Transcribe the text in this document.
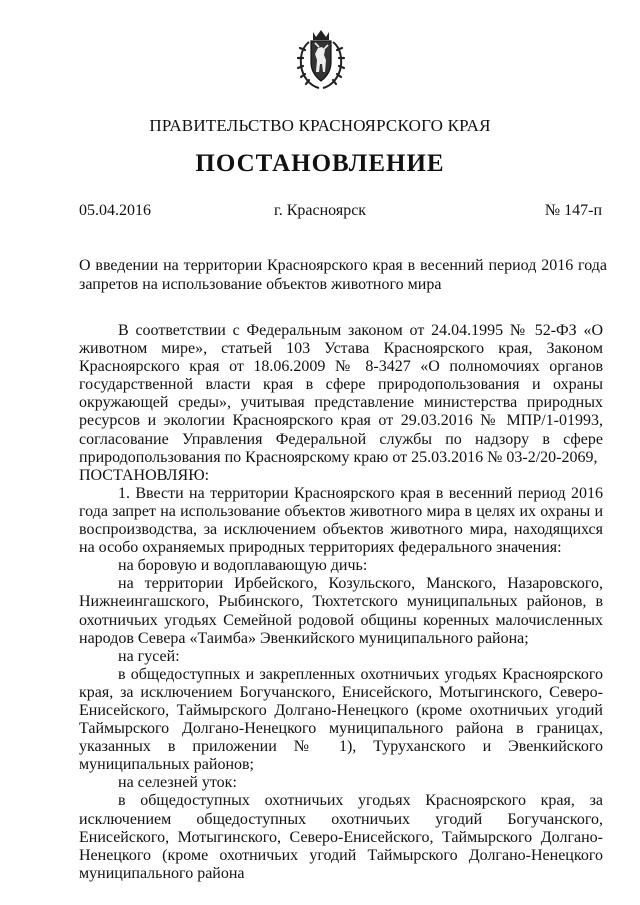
ПРАВИТЕЛЬСТВО КРАСНОЯРСКОГО КРАЯ
ПОСТАНОВЛЕНИЕ
05.04.2016	г. Красноярск	№ 147-п
О введении на территории Красноярского края в весенний период 2016 года запретов на использование объектов животного мира

В соответствии с Федеральным законом от 24.04.1995 № 52-ФЗ «О животном мире», статьей 103 Устава Красноярского края, Законом Красноярского края от 18.06.2009 № 8-3427 «О полномочиях органов государственной власти края в сфере природопользования и охраны окружающей среды», учитывая представление министерства природных ресурсов и экологии Красноярского края от 29.03.2016 № МПР/1-01993, согласование Управления Федеральной службы по надзору в сфере природопользования по Красноярскому краю от 25.03.2016 № 03-2/20-2069,

ПОСТАНОВЛЯЮ:

1. Ввести на территории Красноярского края в весенний период 2016 года запрет на использование объектов животного мира в целях их охраны и воспроизводства, за исключением объектов животного мира, находящихся на особо охраняемых природных территориях федерального значения:

на боровую и водоплавающую дичь:

на территории Ирбейского, Козульского, Манского, Назаровского, Нижнеингашского, Рыбинского, Тюхтетского муниципальных районов, в охотничьих угодьях Семейной родовой общины коренных малочисленных народов Севера «Таимба» Эвенкийского муниципального района;

на гусей:

в общедоступных и закрепленных охотничьих угодьях Красноярского края, за исключением Богучанского, Енисейского, Мотыгинского, Северо-Енисейского, Таймырского Долгано-Ненецкого (кроме охотничьих угодий Таймырского Долгано-Ненецкого муниципального района в границах, указанных в приложении № 1), Туруханского и Эвенкийского муниципальных районов;

на селезней уток:

в общедоступных охотничьих угодьях Красноярского края, за исключением общедоступных охотничьих угодий Богучанского, Енисейского, Мотыгинского, Северо-Енисейского, Таймырского Долгано-Ненецкого (кроме охотничьих угодий Таймырского Долгано-Ненецкого муниципального района
